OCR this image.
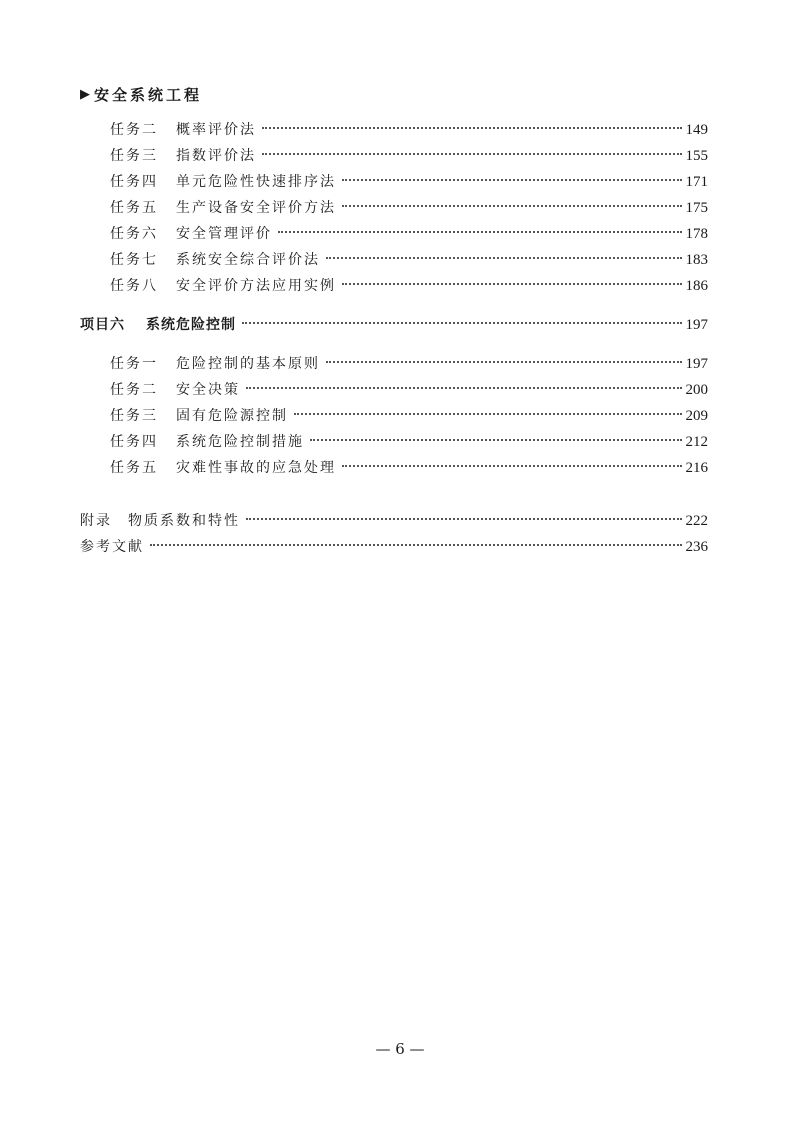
▶ 安全系统工程
任务二	概率评价法	149
任务三	指数评价法	155
任务四	单元危险性快速排序法	171
任务五	生产设备安全评价方法	175
任务六	安全管理评价	178
任务七	系统安全综合评价法	183
任务八	安全评价方法应用实例	186
项目六	系统危险控制	197
任务一	危险控制的基本原则	197
任务二	安全决策	200
任务三	固有危险源控制	209
任务四	系统危险控制措施	212
任务五	灾难性事故的应急处理	216
附录	物质系数和特性	222
参考文献	236
— 6 —
